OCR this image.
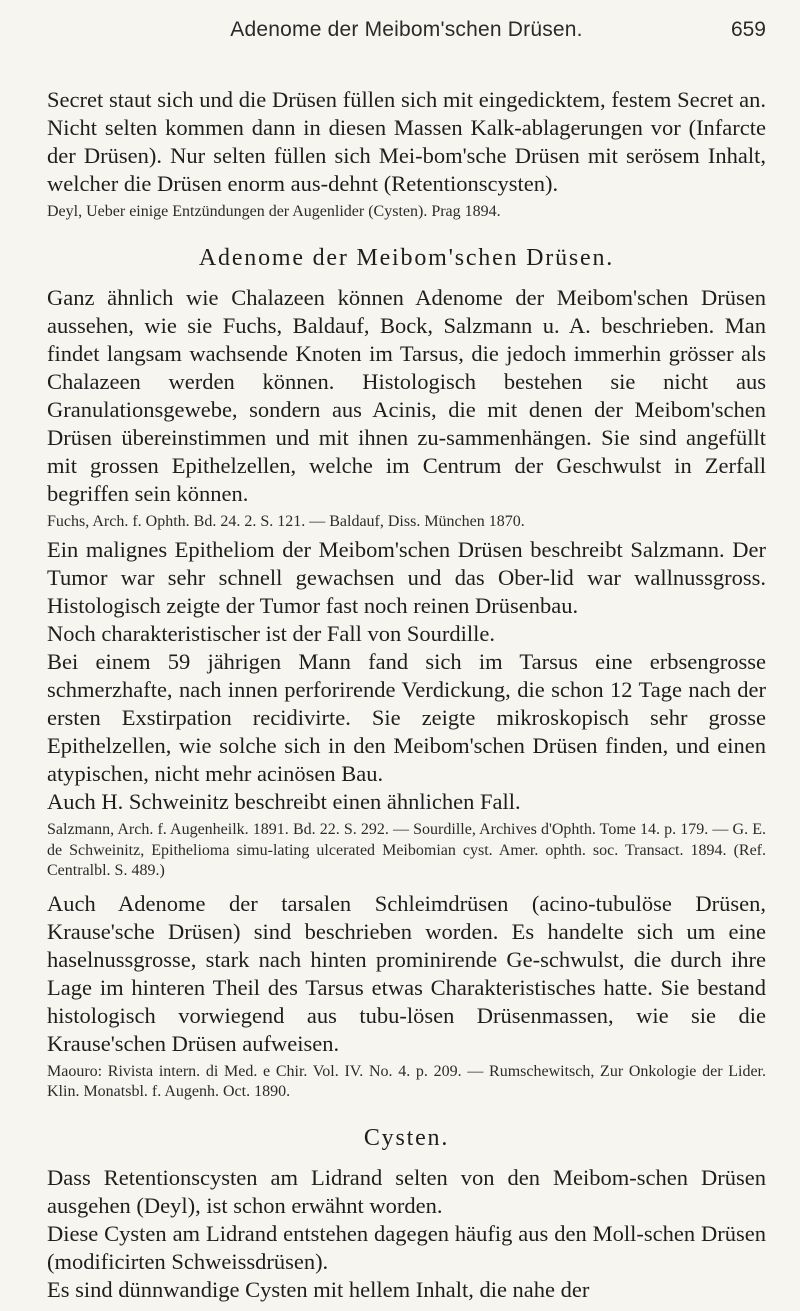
Adenome der Meibom'schen Drüsen.	659

Secret staut sich und die Drüsen füllen sich mit eingedicktem, festem Secret an. Nicht selten kommen dann in diesen Massen Kalk-ablagerungen vor (Infarcte der Drüsen). Nur selten füllen sich Mei-bom'sche Drüsen mit serösem Inhalt, welcher die Drüsen enorm aus-dehnt (Retentionscysten).

Deyl, Ueber einige Entzündungen der Augenlider (Cysten). Prag 1894.

Adenome der Meibom'schen Drüsen.

Ganz ähnlich wie Chalazeen können Adenome der Meibom'schen Drüsen aussehen, wie sie Fuchs, Baldauf, Bock, Salzmann u. A. beschrieben. Man findet langsam wachsende Knoten im Tarsus, die jedoch immerhin grösser als Chalazeen werden können. Histologisch bestehen sie nicht aus Granulationsgewebe, sondern aus Acinis, die mit denen der Meibom'schen Drüsen übereinstimmen und mit ihnen zu-sammenhängen. Sie sind angefüllt mit grossen Epithelzellen, welche im Centrum der Geschwulst in Zerfall begriffen sein können.

Fuchs, Arch. f. Ophth. Bd. 24. 2. S. 121. — Baldauf, Diss. München 1870.

Ein malignes Epitheliom der Meibom'schen Drüsen beschreibt Salzmann. Der Tumor war sehr schnell gewachsen und das Ober-lid war wallnussgross. Histologisch zeigte der Tumor fast noch reinen Drüsenbau.

Noch charakteristischer ist der Fall von Sourdille.

Bei einem 59 jährigen Mann fand sich im Tarsus eine erbsengrosse schmerzhafte, nach innen perforirende Verdickung, die schon 12 Tage nach der ersten Exstirpation recidivirte. Sie zeigte mikroskopisch sehr grosse Epithelzellen, wie solche sich in den Meibom'schen Drüsen finden, und einen atypischen, nicht mehr acinösen Bau.

Auch H. Schweinitz beschreibt einen ähnlichen Fall.

Salzmann, Arch. f. Augenheilk. 1891. Bd. 22. S. 292. — Sourdille, Archives d'Ophth. Tome 14. p. 179. — G. E. de Schweinitz, Epithelioma simu-lating ulcerated Meibomian cyst. Amer. ophth. soc. Transact. 1894. (Ref. Centralbl. S. 489.)

Auch Adenome der tarsalen Schleimdrüsen (acino-tubulöse Drüsen, Krause'sche Drüsen) sind beschrieben worden. Es handelte sich um eine haselnussgrosse, stark nach hinten prominirende Ge-schwulst, die durch ihre Lage im hinteren Theil des Tarsus etwas Charakteristisches hatte. Sie bestand histologisch vorwiegend aus tubu-lösen Drüsenmassen, wie sie die Krause'schen Drüsen aufweisen.

Maouro: Rivista intern. di Med. e Chir. Vol. IV. No. 4. p. 209. — Rumschewitsch, Zur Onkologie der Lider. Klin. Monatsbl. f. Augenh. Oct. 1890.

Cysten.

Dass Retentionscysten am Lidrand selten von den Meibom-schen Drüsen ausgehen (Deyl), ist schon erwähnt worden.

Diese Cysten am Lidrand entstehen dagegen häufig aus den Moll-schen Drüsen (modificirten Schweissdrüsen).

Es sind dünnwandige Cysten mit hellem Inhalt, die nahe der
